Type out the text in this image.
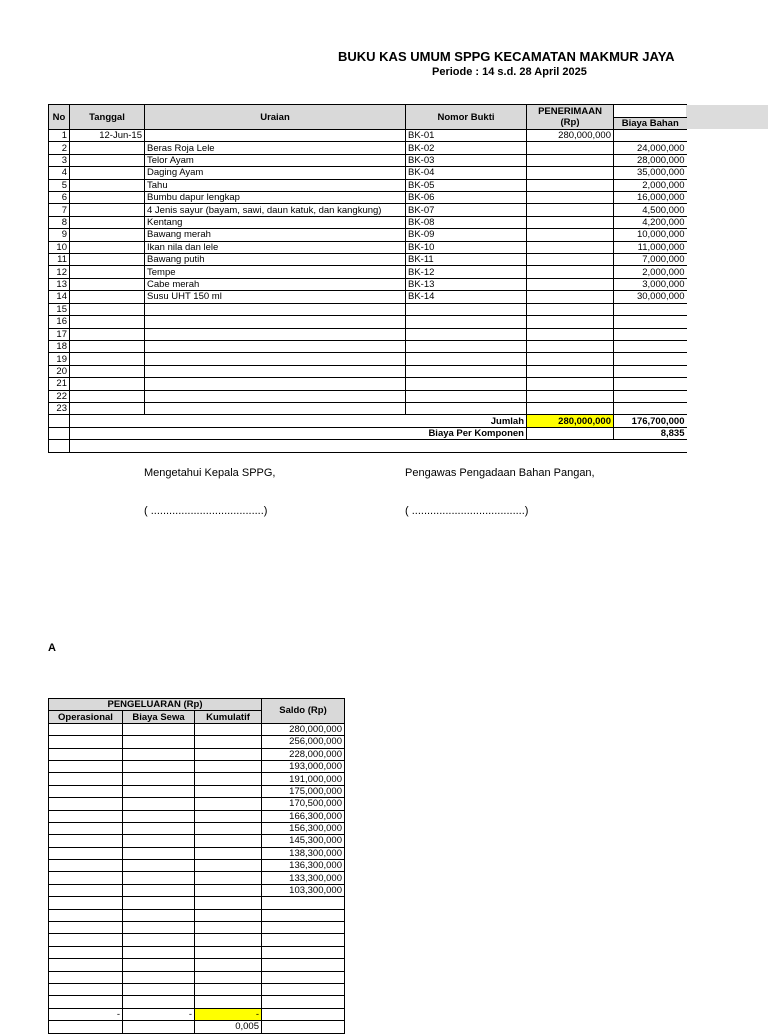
BUKU KAS UMUM SPPG KECAMATAN MAKMUR JAYA
Periode : 14 s.d. 28 April 2025
No	Tanggal	Uraian	Nomor Bukti	PENERIMAAN (Rp)	
					Biaya Bahan
1	12-Jun-15		BK-01	280,000,000	
2		Beras Roja Lele	BK-02		24,000,000
3		Telor Ayam	BK-03		28,000,000
4		Daging Ayam	BK-04		35,000,000
5		Tahu	BK-05		2,000,000
6		Bumbu dapur lengkap	BK-06		16,000,000
7		4 Jenis sayur (bayam, sawi, daun katuk, dan kangkung)	BK-07		4,500,000
8		Kentang	BK-08		4,200,000
9		Bawang merah	BK-09		10,000,000
10		Ikan nila dan lele	BK-10		11,000,000
11		Bawang putih	BK-11		7,000,000
12		Tempe	BK-12		2,000,000
13		Cabe merah	BK-13		3,000,000
14		Susu UHT 150 ml	BK-14		30,000,000
15					
16					
17					
18					
19					
20					
21					
22					
23					
	Jumlah			280,000,000	176,700,000
	Biaya Per Komponen				8,835

Mengetahui Kepala SPPG,
( .....................................)
Pengawas Pengadaan Bahan Pangan,
( .....................................)
A
PENGELUARAN (Rp)			Saldo (Rp)
Operasional	Biaya Sewa	Kumulatif	
			280,000,000
			256,000,000
			228,000,000
			193,000,000
			191,000,000
			175,000,000
			170,500,000
			166,300,000
			156,300,000
			145,300,000
			138,300,000
			136,300,000
			133,300,000
			103,300,000

-	-	-	
		0,005	
